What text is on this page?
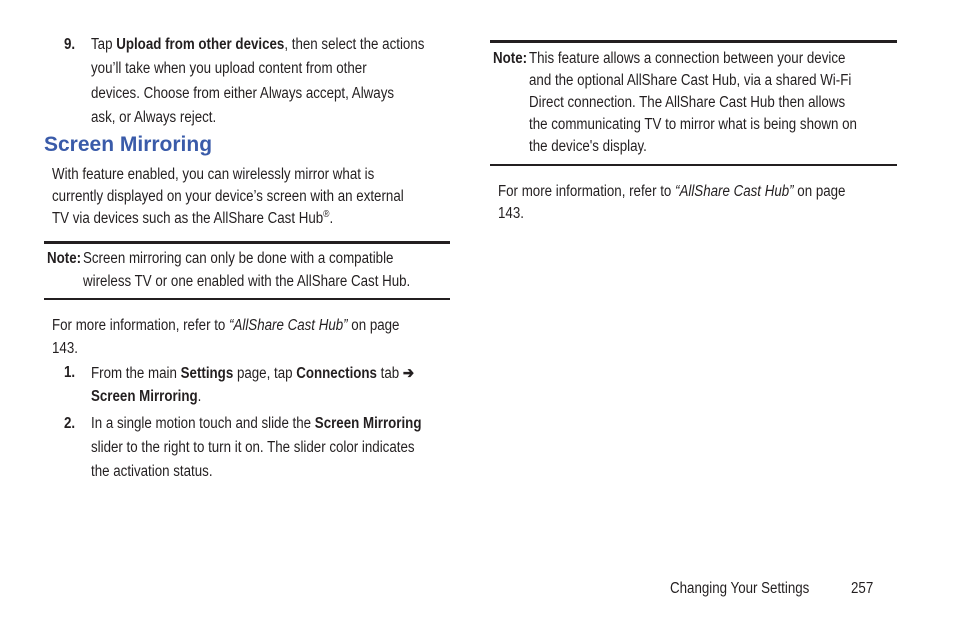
9. Tap Upload from other devices, then select the actions
you’ll take when you upload content from other
devices. Choose from either Always accept, Always
ask, or Always reject.
Screen Mirroring
With feature enabled, you can wirelessly mirror what is
currently displayed on your device’s screen with an external
TV via devices such as the AllShare Cast Hub®.
Note: Screen mirroring can only be done with a compatible
wireless TV or one enabled with the AllShare Cast Hub.
For more information, refer to “AllShare Cast Hub” on page
143.
1. From the main Settings page, tap Connections tab ➔
Screen Mirroring.
2. In a single motion touch and slide the Screen Mirroring
slider to the right to turn it on. The slider color indicates
the activation status.
Note: This feature allows a connection between your device
and the optional AllShare Cast Hub, via a shared Wi-Fi
Direct connection. The AllShare Cast Hub then allows
the communicating TV to mirror what is being shown on
the device's display.
For more information, refer to “AllShare Cast Hub” on page
143.
Changing Your Settings	257
